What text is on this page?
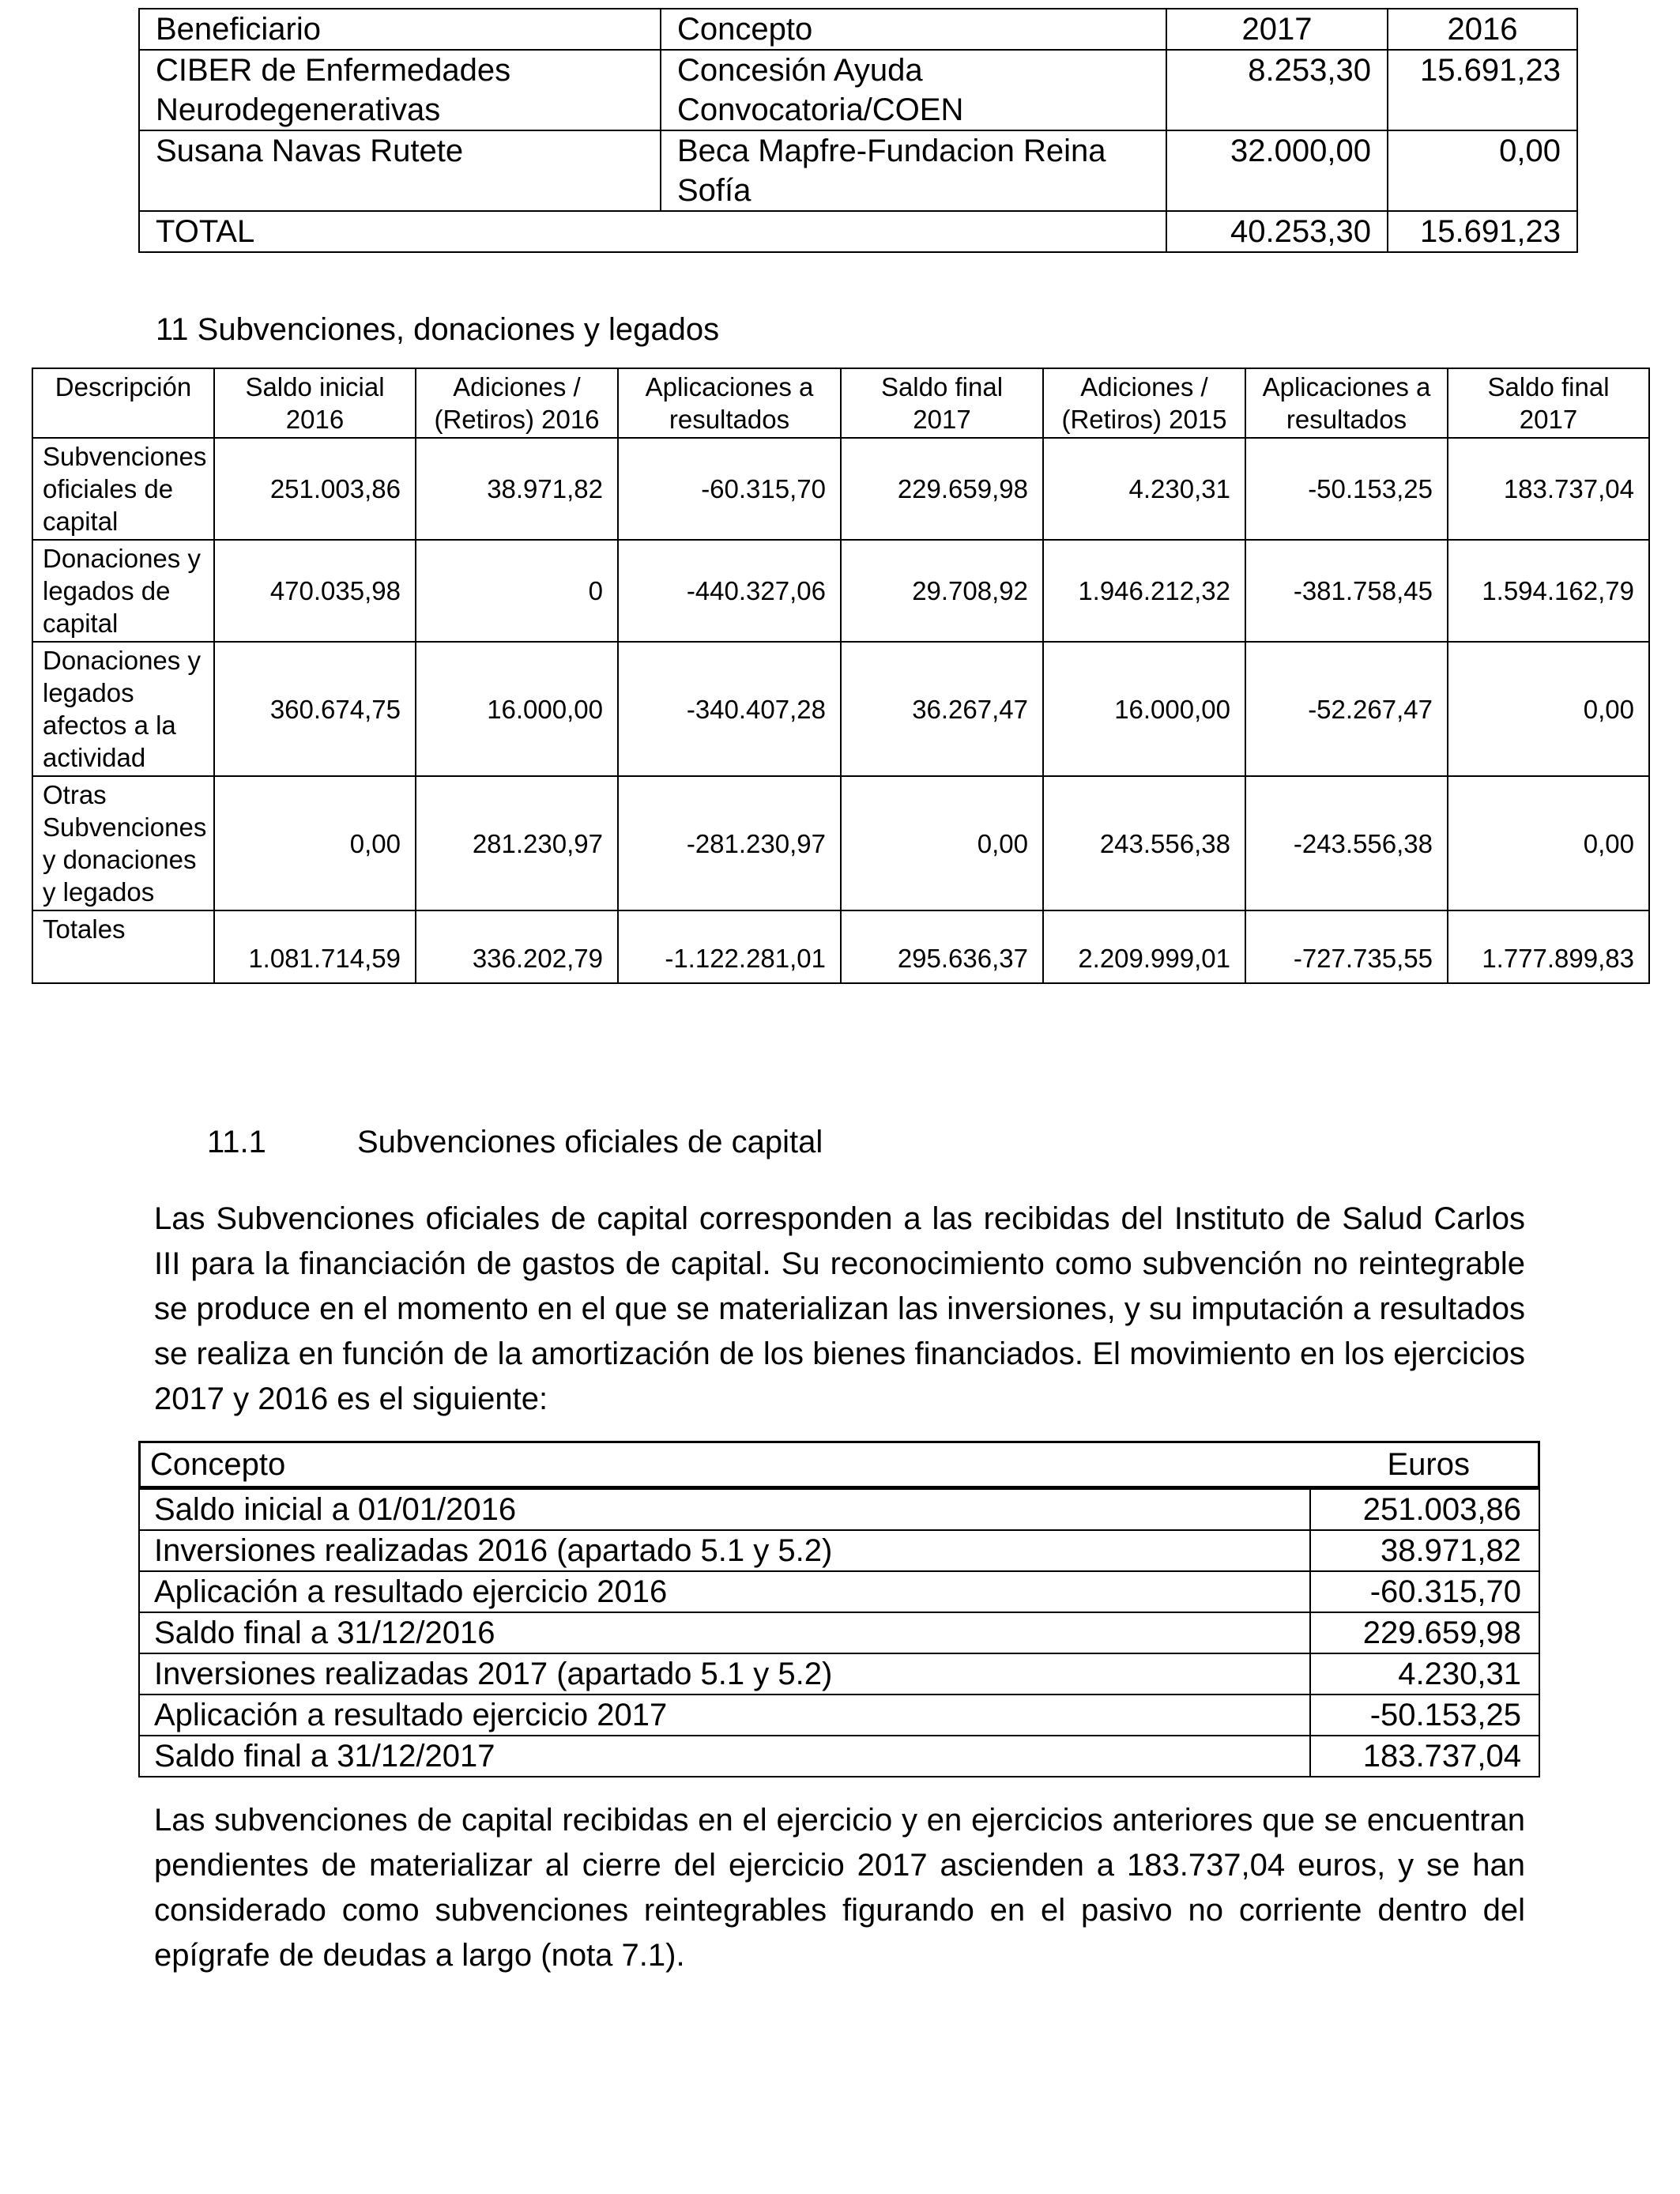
Beneficiario	Concepto	2017	2016
CIBER de Enfermedades Neurodegenerativas	Concesión Ayuda Convocatoria/COEN	8.253,30	15.691,23
Susana Navas Rutete	Beca Mapfre-Fundacion Reina Sofía	32.000,00	0,00
TOTAL		40.253,30	15.691,23
11 Subvenciones, donaciones y legados
Descripción	Saldo inicial 2016	Adiciones / (Retiros) 2016	Aplicaciones a resultados	Saldo final 2017	Adiciones / (Retiros) 2015	Aplicaciones a resultados	Saldo final 2017
Subvenciones oficiales de capital	251.003,86	38.971,82	-60.315,70	229.659,98	4.230,31	-50.153,25	183.737,04
Donaciones y legados de capital	470.035,98	0	-440.327,06	29.708,92	1.946.212,32	-381.758,45	1.594.162,79
Donaciones y legados afectos a la actividad	360.674,75	16.000,00	-340.407,28	36.267,47	16.000,00	-52.267,47	0,00
Otras Subvenciones y donaciones y legados	0,00	281.230,97	-281.230,97	0,00	243.556,38	-243.556,38	0,00
Totales	1.081.714,59	336.202,79	-1.122.281,01	295.636,37	2.209.999,01	-727.735,55	1.777.899,83
11.1	Subvenciones oficiales de capital
Las Subvenciones oficiales de capital corresponden a las recibidas del Instituto de Salud Carlos III para la financiación de gastos de capital. Su reconocimiento como subvención no reintegrable se produce en el momento en el que se materializan las inversiones, y su imputación a resultados se realiza en función de la amortización de los bienes financiados. El movimiento en los ejercicios 2017 y 2016 es el siguiente:
Concepto	Euros
Saldo inicial a 01/01/2016	251.003,86
Inversiones realizadas 2016 (apartado 5.1 y 5.2)	38.971,82
Aplicación a resultado ejercicio 2016	-60.315,70
Saldo final a 31/12/2016	229.659,98
Inversiones realizadas 2017 (apartado 5.1 y 5.2)	4.230,31
Aplicación a resultado ejercicio 2017	-50.153,25
Saldo final a 31/12/2017	183.737,04
Las subvenciones de capital recibidas en el ejercicio y en ejercicios anteriores que se encuentran pendientes de materializar al cierre del ejercicio 2017 ascienden a 183.737,04 euros, y se han considerado como subvenciones reintegrables figurando en el pasivo no corriente dentro del epígrafe de deudas a largo (nota 7.1).
